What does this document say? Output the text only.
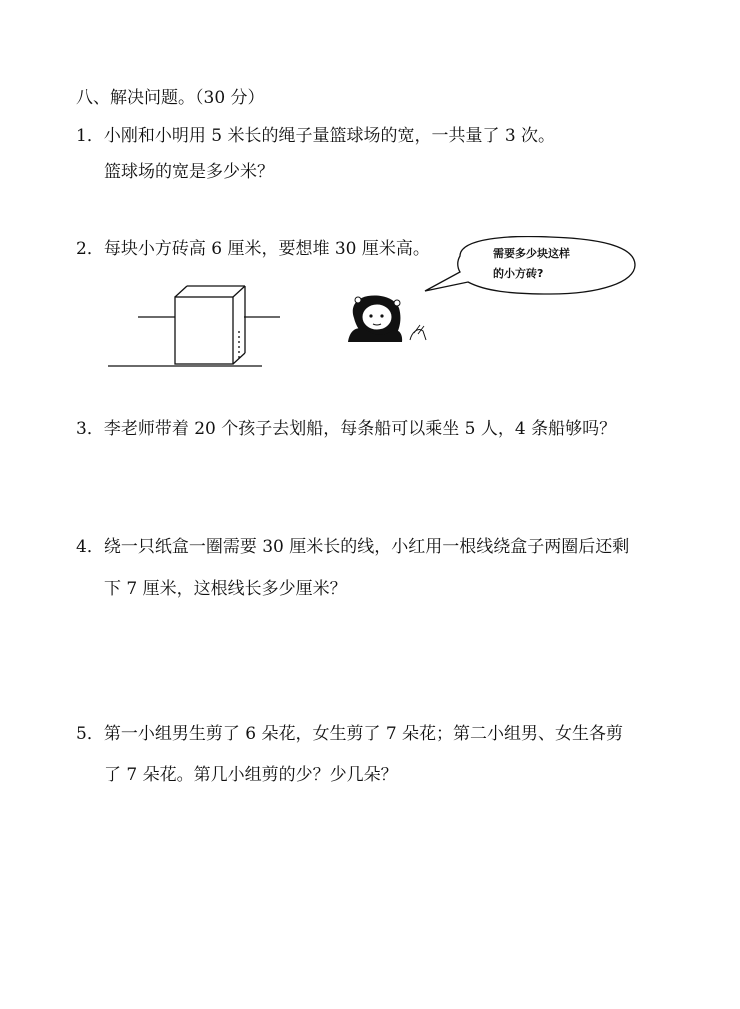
八、解决问题。（30 分）
1．小刚和小明用 5 米长的绳子量篮球场的宽，一共量了 3 次。
篮球场的宽是多少米？
2．每块小方砖高 6 厘米，要想堆 30 厘米高。	需要多少块这样
的小方砖?
3．李老师带着 20 个孩子去划船，每条船可以乘坐 5 人，4 条船够吗？
4．绕一只纸盒一圈需要 30 厘米长的线，小红用一根线绕盒子两圈后还剩
下 7 厘米，这根线长多少厘米？
5．第一小组男生剪了 6 朵花，女生剪了 7 朵花；第二小组男、女生各剪
了 7 朵花。第几小组剪的少？少几朵？
